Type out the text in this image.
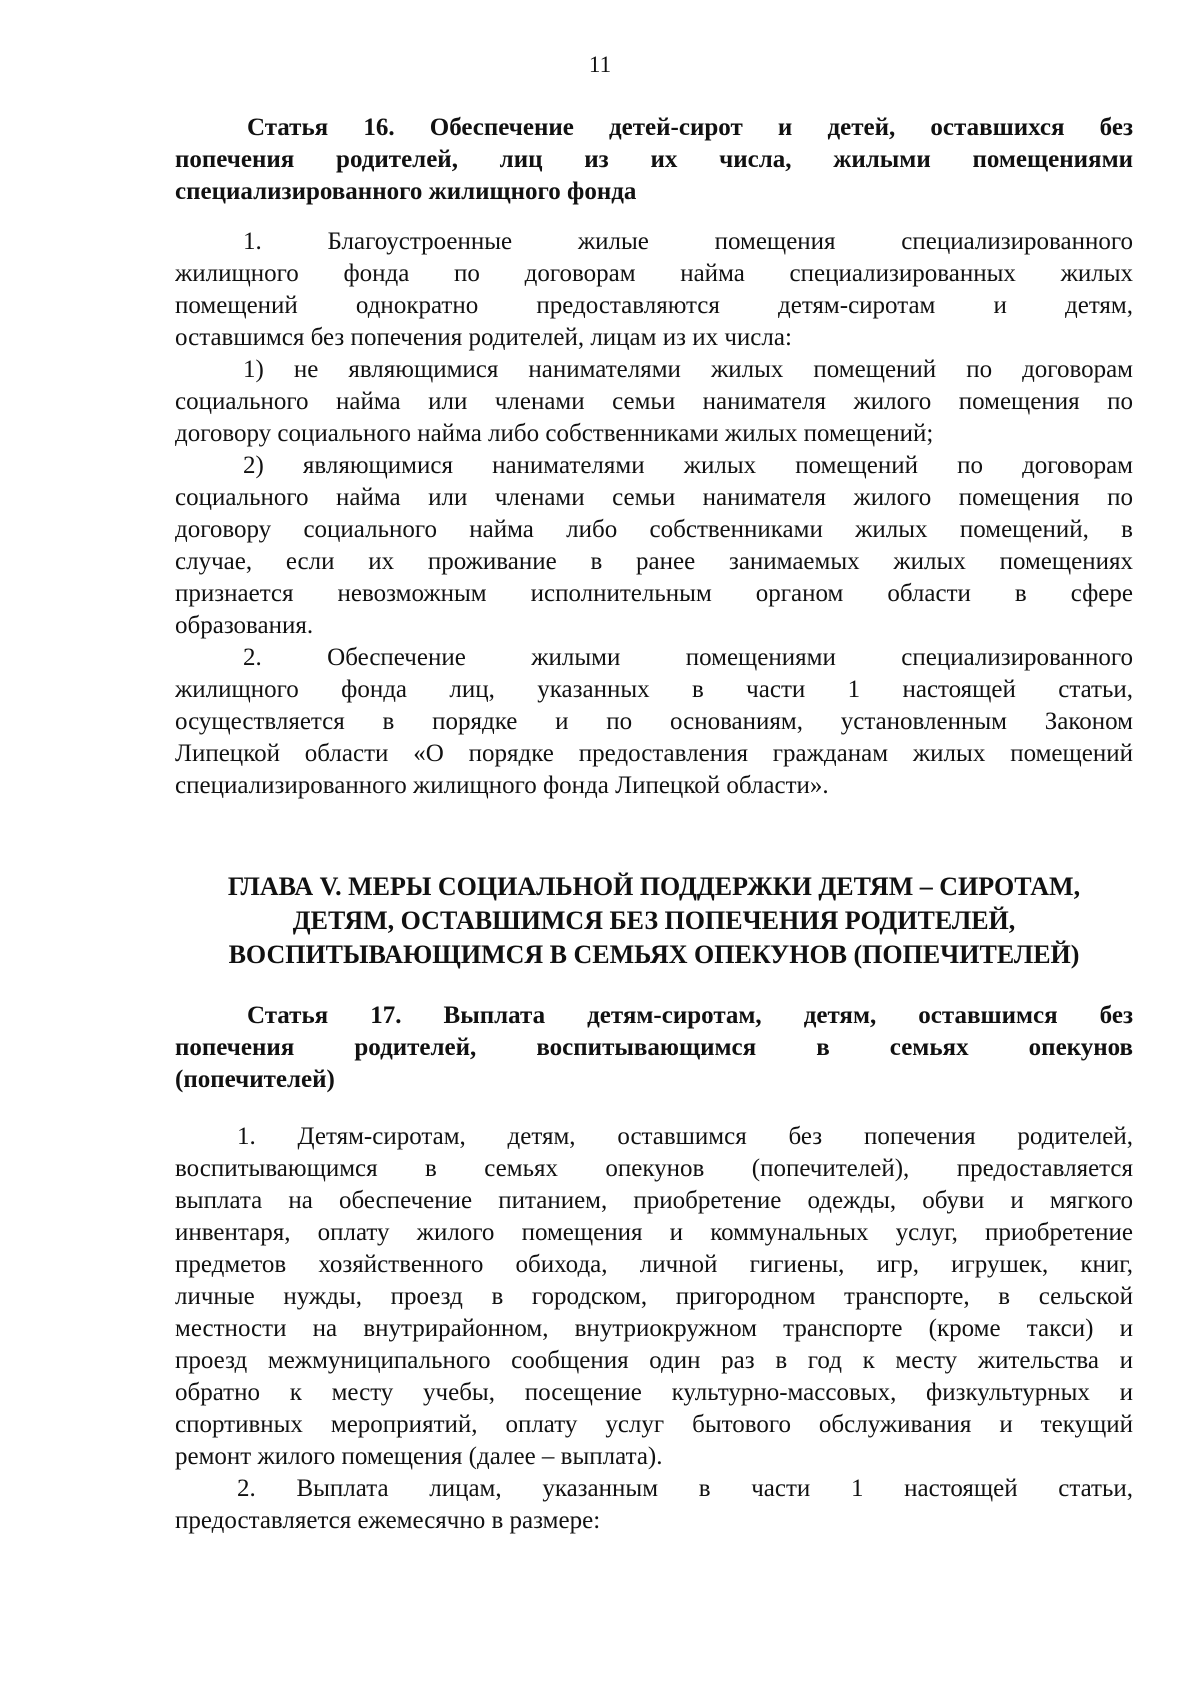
11
Статья 16. Обеспечение детей-сирот и детей, оставшихся без
попечения родителей, лиц из их числа, жилыми помещениями
специализированного жилищного фонда
1. Благоустроенные жилые помещения специализированного
жилищного фонда по договорам найма специализированных жилых
помещений однократно предоставляются детям-сиротам и детям,
оставшимся без попечения родителей, лицам из их числа:
1) не являющимися нанимателями жилых помещений по договорам
социального найма или членами семьи нанимателя жилого помещения по
договору социального найма либо собственниками жилых помещений;
2) являющимися нанимателями жилых помещений по договорам
социального найма или членами семьи нанимателя жилого помещения по
договору социального найма либо собственниками жилых помещений, в
случае, если их проживание в ранее занимаемых жилых помещениях
признается невозможным исполнительным органом области в сфере
образования.
2. Обеспечение жилыми помещениями специализированного
жилищного фонда лиц, указанных в части 1 настоящей статьи,
осуществляется в порядке и по основаниям, установленным Законом
Липецкой области «О порядке предоставления гражданам жилых помещений
специализированного жилищного фонда Липецкой области».
ГЛАВА V. МЕРЫ СОЦИАЛЬНОЙ ПОДДЕРЖКИ ДЕТЯМ – СИРОТАМ,
ДЕТЯМ, ОСТАВШИМСЯ БЕЗ ПОПЕЧЕНИЯ РОДИТЕЛЕЙ,
ВОСПИТЫВАЮЩИМСЯ В СЕМЬЯХ ОПЕКУНОВ (ПОПЕЧИТЕЛЕЙ)
Статья 17. Выплата детям-сиротам, детям, оставшимся без
попечения родителей, воспитывающимся в семьях опекунов
(попечителей)
1. Детям-сиротам, детям, оставшимся без попечения родителей,
воспитывающимся в семьях опекунов (попечителей), предоставляется
выплата на обеспечение питанием, приобретение одежды, обуви и мягкого
инвентаря, оплату жилого помещения и коммунальных услуг, приобретение
предметов хозяйственного обихода, личной гигиены, игр, игрушек, книг,
личные нужды, проезд в городском, пригородном транспорте, в сельской
местности на внутрирайонном, внутриокружном транспорте (кроме такси) и
проезд межмуниципального сообщения один раз в год к месту жительства и
обратно к месту учебы, посещение культурно-массовых, физкультурных и
спортивных мероприятий, оплату услуг бытового обслуживания и текущий
ремонт жилого помещения (далее – выплата).
2. Выплата лицам, указанным в части 1 настоящей статьи,
предоставляется ежемесячно в размере:
